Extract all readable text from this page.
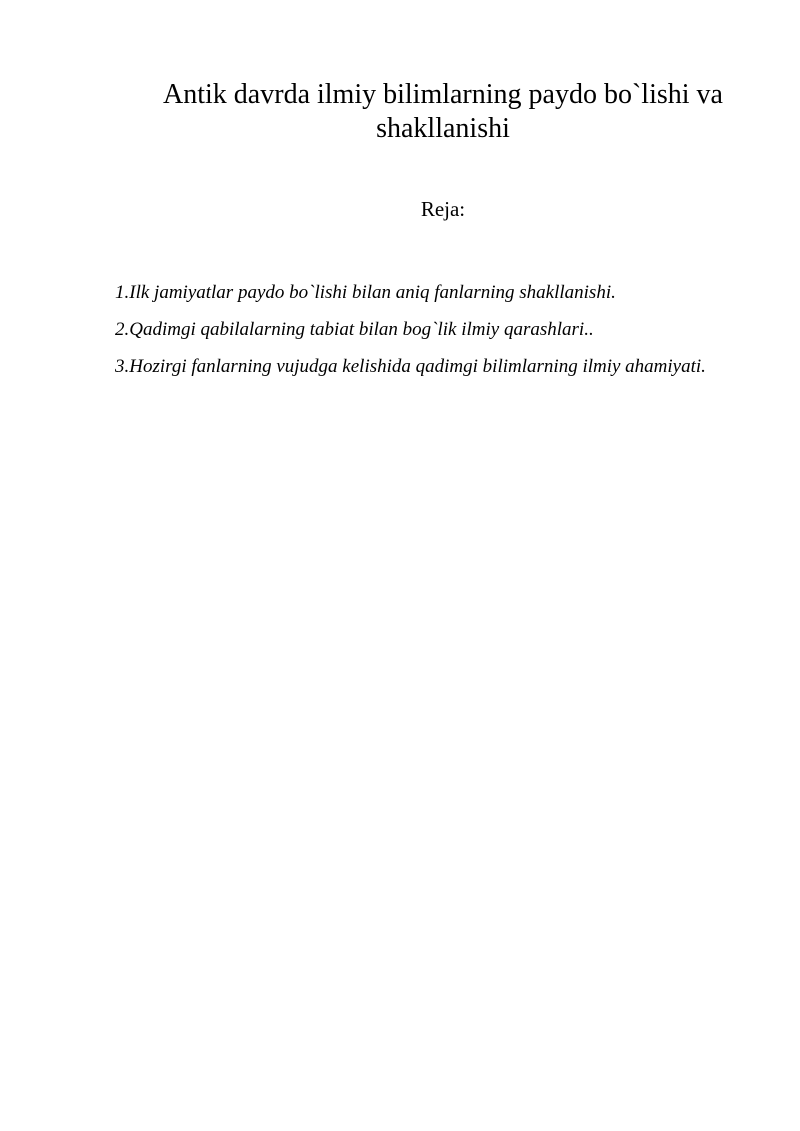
Antik davrda ilmiy bilimlarning paydo bo`lishi va shakllanishi
Reja:
1.Ilk jamiyatlar paydo bo`lishi bilan aniq fanlarning shakllanishi.
2.Qadimgi qabilalarning tabiat bilan bog`lik ilmiy qarashlari..
3.Hozirgi fanlarning vujudga kelishida qadimgi bilimlarning ilmiy ahamiyati.
